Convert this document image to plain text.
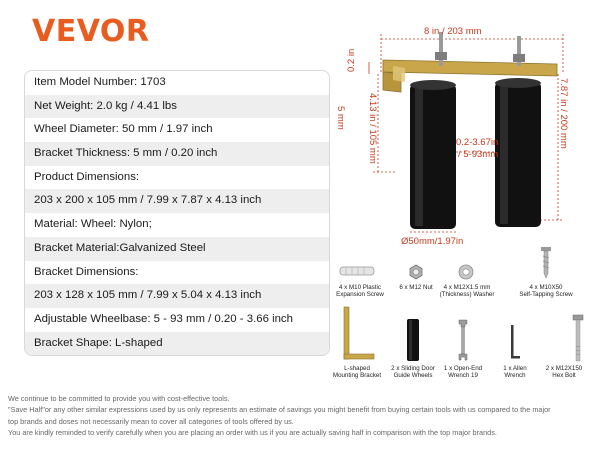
VEVOR
Item Model Number: 1703
Net Weight: 2.0 kg / 4.41 lbs
Wheel Diameter: 50 mm / 1.97 inch
Bracket Thickness: 5 mm / 0.20 inch
Product Dimensions:
203 x 200 x 105 mm / 7.99 x 7.87 x 4.13 inch
Material: Wheel: Nylon;
Bracket Material:Galvanized Steel
Bracket Dimensions:
203 x 128 x 105 mm / 7.99 x 5.04 x 4.13 inch
Adjustable Wheelbase: 5 - 93 mm / 0.20 - 3.66 inch
Bracket Shape: L-shaped
8 in / 203 mm
0.2 in
5 mm 4.13 in / 105 mm	7.87 in / 200 mm
0.2-3.67in
/ 5-93mm
Ø50mm/1.97in
4 x M10 Plastic
Expansion Screw
6 x M12 Nut	4 x M12X1.5 mm
(Thickness) Washer
4 x M10X50
Self-Tapping Screw
L-shaped
Mounting Bracket
2 x Sliding Door
Guide Wheels
1 x Open-End
Wrench 19
1 x Allen
Wrench
2 x M12X150
Hex Bolt
We continue to be committed to provide you with cost-effective tools.
"Save Half"or any other similar expressions used by us only represents an estimate of savings you might benefit from buying certain tools with us compared to the major
top brands and doses not necessarily mean to cover all categories of tools offered by us.
You are kindly reminded to verify carefully when you are placing an order with us if you are actually saving half in comparison with the top major brands.
